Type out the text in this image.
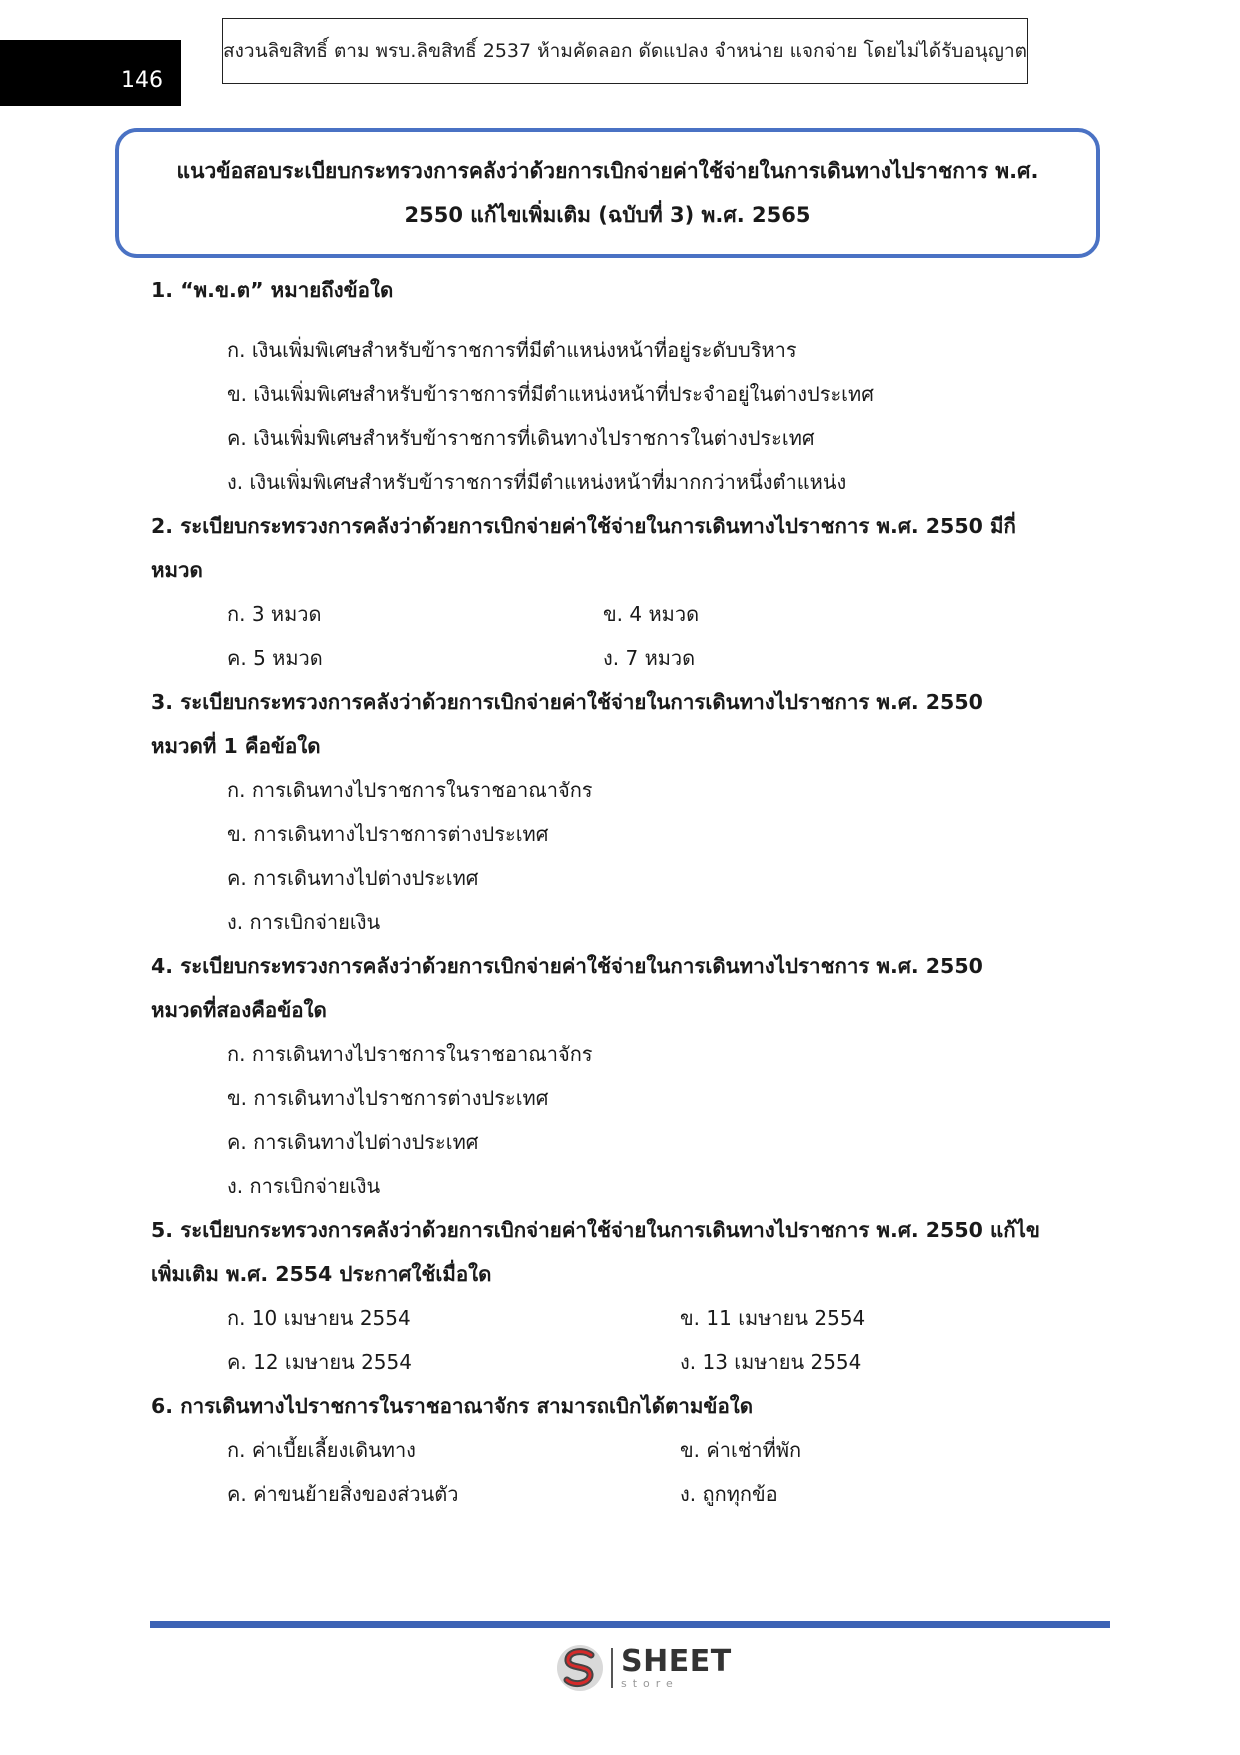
146
สงวนลิขสิทธิ์ ตาม พรบ.ลิขสิทธิ์ 2537 ห้ามคัดลอก ดัดแปลง จำหน่าย แจกจ่าย โดยไม่ได้รับอนุญาต
แนวข้อสอบระเบียบกระทรวงการคลังว่าด้วยการเบิกจ่ายค่าใช้จ่ายในการเดินทางไปราชการ พ.ศ.
2550 แก้ไขเพิ่มเติม (ฉบับที่ 3) พ.ศ. 2565

1. “พ.ข.ต” หมายถึงข้อใด

ก. เงินเพิ่มพิเศษสำหรับข้าราชการที่มีตำแหน่งหน้าที่อยู่ระดับบริหาร
ข. เงินเพิ่มพิเศษสำหรับข้าราชการที่มีตำแหน่งหน้าที่ประจำอยู่ในต่างประเทศ
ค. เงินเพิ่มพิเศษสำหรับข้าราชการที่เดินทางไปราชการในต่างประเทศ
ง. เงินเพิ่มพิเศษสำหรับข้าราชการที่มีตำแหน่งหน้าที่มากกว่าหนึ่งตำแหน่ง

2. ระเบียบกระทรวงการคลังว่าด้วยการเบิกจ่ายค่าใช้จ่ายในการเดินทางไปราชการ พ.ศ. 2550 มีกี่

หมวด

ก. 3 หมวด	ข. 4 หมวด
ค. 5 หมวด	ง. 7 หมวด

3. ระเบียบกระทรวงการคลังว่าด้วยการเบิกจ่ายค่าใช้จ่ายในการเดินทางไปราชการ พ.ศ. 2550

หมวดที่ 1 คือข้อใด

ก. การเดินทางไปราชการในราชอาณาจักร
ข. การเดินทางไปราชการต่างประเทศ
ค. การเดินทางไปต่างประเทศ
ง. การเบิกจ่ายเงิน

4. ระเบียบกระทรวงการคลังว่าด้วยการเบิกจ่ายค่าใช้จ่ายในการเดินทางไปราชการ พ.ศ. 2550

หมวดที่สองคือข้อใด

ก. การเดินทางไปราชการในราชอาณาจักร
ข. การเดินทางไปราชการต่างประเทศ
ค. การเดินทางไปต่างประเทศ
ง. การเบิกจ่ายเงิน

5. ระเบียบกระทรวงการคลังว่าด้วยการเบิกจ่ายค่าใช้จ่ายในการเดินทางไปราชการ พ.ศ. 2550 แก้ไข

เพิ่มเติม พ.ศ. 2554 ประกาศใช้เมื่อใด

ก. 10 เมษายน 2554	ข. 11 เมษายน 2554
ค. 12 เมษายน 2554	ง. 13 เมษายน 2554

6. การเดินทางไปราชการในราชอาณาจักร สามารถเบิกได้ตามข้อใด

ก. ค่าเบี้ยเลี้ยงเดินทาง	ข. ค่าเช่าที่พัก
ค. ค่าขนย้ายสิ่งของส่วนตัว	ง. ถูกทุกข้อ
SHEET
store
